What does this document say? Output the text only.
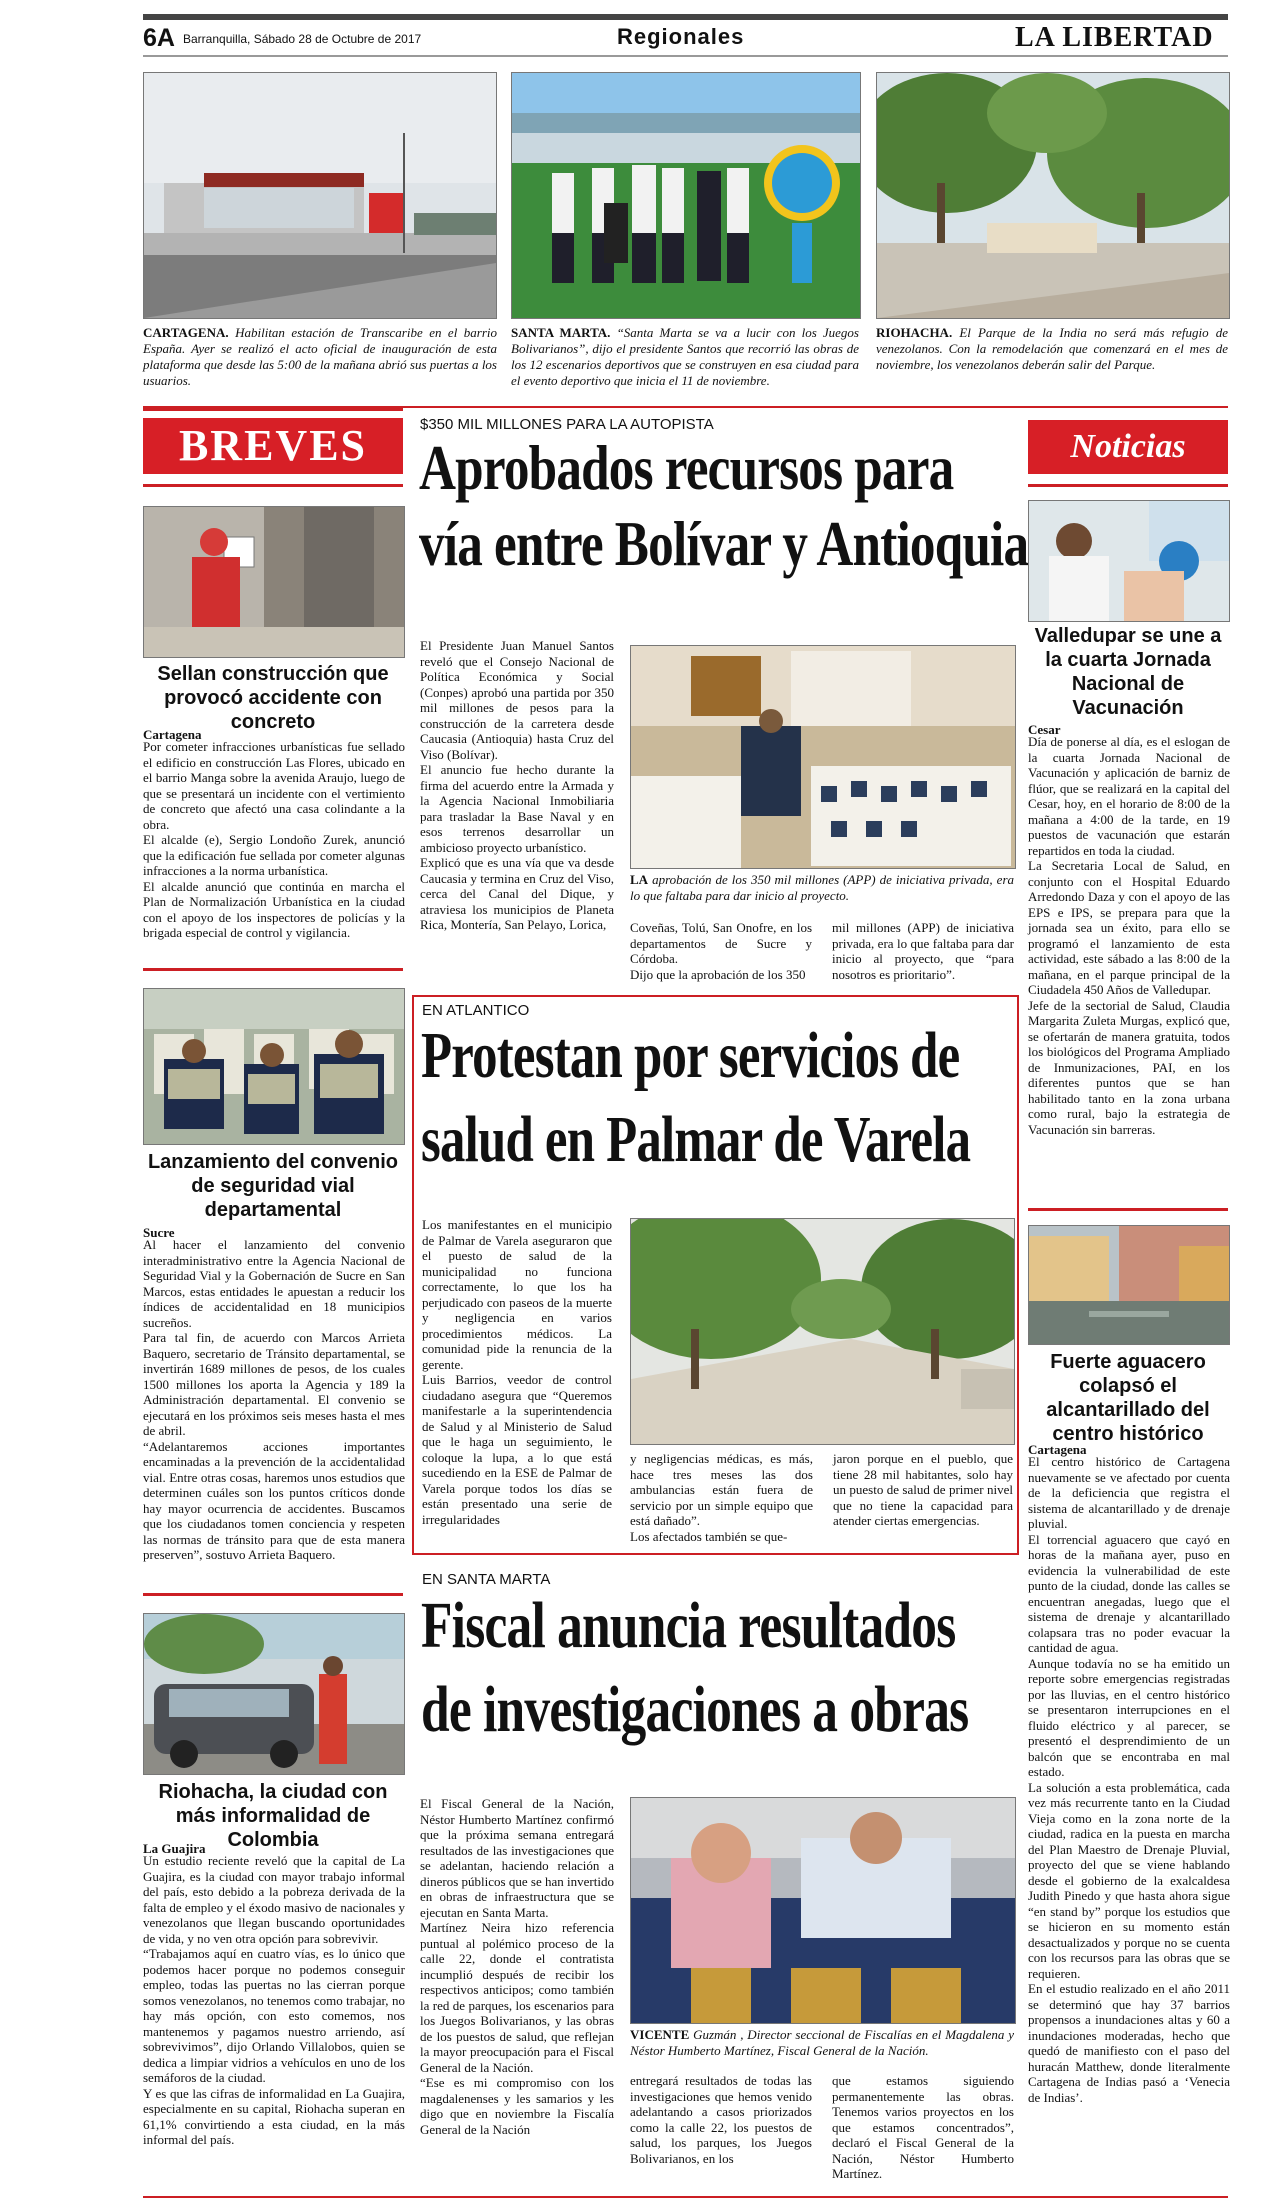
6A Barranquilla, Sábado 28 de Octubre de 2017	Regionales	LA LIBERTAD
CARTAGENA. Habilitan estación de Transcaribe en el barrio España. Ayer se realizó el acto oficial de inauguración de esta plataforma que desde las 5:00 de la mañana abrió sus puertas a los usuarios.
SANTA MARTA. “Santa Marta se va a lucir con los Juegos Bolivarianos”, dijo el presidente Santos que recorrió las obras de los 12 escenarios deportivos que se construyen en esa ciudad para el evento deportivo que inicia el 11 de noviembre.
RIOHACHA. El Parque de la India no será más refugio de venezolanos. Con la remodelación que comenzará en el mes de noviembre, los venezolanos deberán salir del Parque.
BREVES
Sellan construcción que provocó accidente con concreto
Cartagena
Por cometer infracciones urbanísticas fue sellado el edificio en construcción Las Flores, ubicado en el barrio Manga sobre la avenida Araujo, luego de que se presentará un incidente con el vertimiento de concreto que afectó una casa colindante a la obra.
El alcalde (e), Sergio Londoño Zurek, anunció que la edificación fue sellada por cometer algunas infracciones a la norma urbanística.
El alcalde anunció que continúa en marcha el Plan de Normalización Urbanística en la ciudad con el apoyo de los inspectores de policías y la brigada especial de control y vigilancia.
Lanzamiento del convenio de seguridad vial departamental
Sucre
Al hacer el lanzamiento del convenio interadministrativo entre la Agencia Nacional de Seguridad Vial y la Gobernación de Sucre en San Marcos, estas entidades le apuestan a reducir los índices de accidentalidad en 18 municipios sucreños.
Para tal fin, de acuerdo con Marcos Arrieta Baquero, secretario de Tránsito departamental, se invertirán 1689 millones de pesos, de los cuales 1500 millones los aporta la Agencia y 189 la Administración departamental. El convenio se ejecutará en los próximos seis meses hasta el mes de abril.
“Adelantaremos acciones importantes encaminadas a la prevención de la accidentalidad vial. Entre otras cosas, haremos unos estudios que determinen cuáles son los puntos críticos donde hay mayor ocurrencia de accidentes. Buscamos que los ciudadanos tomen conciencia y respeten las normas de tránsito para que de esta manera preserven”, sostuvo Arrieta Baquero.
Riohacha, la ciudad con más informalidad de Colombia
La Guajira
Un estudio reciente reveló que la capital de La Guajira, es la ciudad con mayor trabajo informal del país, esto debido a la pobreza derivada de la falta de empleo y el éxodo masivo de nacionales y venezolanos que llegan buscando oportunidades de vida, y no ven otra opción para sobrevivir.
“Trabajamos aquí en cuatro vías, es lo único que podemos hacer porque no podemos conseguir empleo, todas las puertas no las cierran porque somos venezolanos, no tenemos como trabajar, no hay más opción, con esto comemos, nos mantenemos y pagamos nuestro arriendo, así sobrevivimos”, dijo Orlando Villalobos, quien se dedica a limpiar vidrios a vehículos en uno de los semáforos de la ciudad.
Y es que las cifras de informalidad en La Guajira, especialmente en su capital, Riohacha superan en 61,1% convirtiendo a esta ciudad, en la más informal del país.
$350 MIL MILLONES PARA LA AUTOPISTA
Aprobados recursos para
vía entre Bolívar y Antioquia
El Presidente Juan Manuel Santos reveló que el Consejo Nacional de Política Económica y Social (Conpes) aprobó una partida por 350 mil millones de pesos para la construcción de la carretera desde Caucasia (Antioquia) hasta Cruz del Viso (Bolívar).
El anuncio fue hecho durante la firma del acuerdo entre la Armada y la Agencia Nacional Inmobiliaria para trasladar la Base Naval y en esos terrenos desarrollar un ambicioso proyecto urbanístico.
Explicó que es una vía que va desde Caucasia y termina en Cruz del Viso, cerca del Canal del Dique, y atraviesa los municipios de Planeta Rica, Montería, San Pelayo, Lorica,
LA aprobación de los 350 mil millones (APP) de iniciativa privada, era lo que faltaba para dar inicio al proyecto.
Coveñas, Tolú, San Onofre, en los departamentos de Sucre y Córdoba.
Dijo que la aprobación de los 350
mil millones (APP) de iniciativa privada, era lo que faltaba para dar inicio al proyecto, que “para nosotros es prioritario”.
EN ATLANTICO
Protestan por servicios de
salud en Palmar de Varela
Los manifestantes en el municipio de Palmar de Varela aseguraron que el puesto de salud de la municipalidad no funciona correctamente, lo que los ha perjudicado con paseos de la muerte y negligencia en varios procedimientos médicos. La comunidad pide la renuncia de la gerente.
Luis Barrios, veedor de control ciudadano asegura que “Queremos manifestarle a la superintendencia de Salud y al Ministerio de Salud que le haga un seguimiento, le coloque la lupa, a lo que está sucediendo en la ESE de Palmar de Varela porque todos los días se están presentado una serie de irregularidades
y negligencias médicas, es más, hace tres meses las dos ambulancias están fuera de servicio por un simple equipo que está dañado”.
Los afectados también se que-
jaron porque en el pueblo, que tiene 28 mil habitantes, solo hay un puesto de salud de primer nivel que no tiene la capacidad para atender ciertas emergencias.
EN SANTA MARTA
Fiscal anuncia resultados
de investigaciones a obras
El Fiscal General de la Nación, Néstor Humberto Martínez confirmó que la próxima semana entregará resultados de las investigaciones que se adelantan, haciendo relación a dineros públicos que se han invertido en obras de infraestructura que se ejecutan en Santa Marta.
Martínez Neira hizo referencia puntual al polémico proceso de la calle 22, donde el contratista incumplió después de recibir los respectivos anticipos; como también la red de parques, los escenarios para los Juegos Bolivarianos, y las obras de los puestos de salud, que reflejan la mayor preocupación para el Fiscal General de la Nación.
“Ese es mi compromiso con los magdalenenses y les samarios y les digo que en noviembre la Fiscalía General de la Nación
VICENTE Guzmán , Director seccional de Fiscalías en el Magdalena y Néstor Humberto Martínez, Fiscal General de la Nación.
entregará resultados de todas las investigaciones que hemos venido adelantando a casos priorizados como la calle 22, los puestos de salud, los parques, los Juegos Bolivarianos, en los
que estamos siguiendo permanentemente las obras. Tenemos varios proyectos en los que estamos concentrados”, declaró el Fiscal General de la Nación, Néstor Humberto Martínez.
Noticias
Valledupar se une a la cuarta Jornada Nacional de Vacunación
Cesar
Día de ponerse al día, es el eslogan de la cuarta Jornada Nacional de Vacunación y aplicación de barniz de flúor, que se realizará en la capital del Cesar, hoy, en el horario de 8:00 de la mañana a 4:00 de la tarde, en 19 puestos de vacunación que estarán repartidos en toda la ciudad.
La Secretaria Local de Salud, en conjunto con el Hospital Eduardo Arredondo Daza y con el apoyo de las EPS e IPS, se prepara para que la jornada sea un éxito, para ello se programó el lanzamiento de esta actividad, este sábado a las 8:00 de la mañana, en el parque principal de la Ciudadela 450 Años de Valledupar.
Jefe de la sectorial de Salud, Claudia Margarita Zuleta Murgas, explicó que, se ofertarán de manera gratuita, todos los biológicos del Programa Ampliado de Inmunizaciones, PAI, en los diferentes puntos que se han habilitado tanto en la zona urbana como rural, bajo la estrategia de Vacunación sin barreras.
Fuerte aguacero colapsó el alcantarillado del centro histórico
Cartagena
El centro histórico de Cartagena nuevamente se ve afectado por cuenta de la deficiencia que registra el sistema de alcantarillado y de drenaje pluvial.
El torrencial aguacero que cayó en horas de la mañana ayer, puso en evidencia la vulnerabilidad de este punto de la ciudad, donde las calles se encuentran anegadas, luego que el sistema de drenaje y alcantarillado colapsara tras no poder evacuar la cantidad de agua.
Aunque todavía no se ha emitido un reporte sobre emergencias registradas por las lluvias, en el centro histórico se presentaron interrupciones en el fluido eléctrico y al parecer, se presentó el desprendimiento de un balcón que se encontraba en mal estado.
La solución a esta problemática, cada vez más recurrente tanto en la Ciudad Vieja como en la zona norte de la ciudad, radica en la puesta en marcha del Plan Maestro de Drenaje Pluvial, proyecto del que se viene hablando desde el gobierno de la exalcaldesa Judith Pinedo y que hasta ahora sigue “en stand by” porque los estudios que se hicieron en su momento están desactualizados y porque no se cuenta con los recursos para las obras que se requieren.
En el estudio realizado en el año 2011 se determinó que hay 37 barrios propensos a inundaciones altas y 60 a inundaciones moderadas, hecho que quedó de manifiesto con el paso del huracán Matthew, donde literalmente Cartagena de Indias pasó a ‘Venecia de Indias’.
